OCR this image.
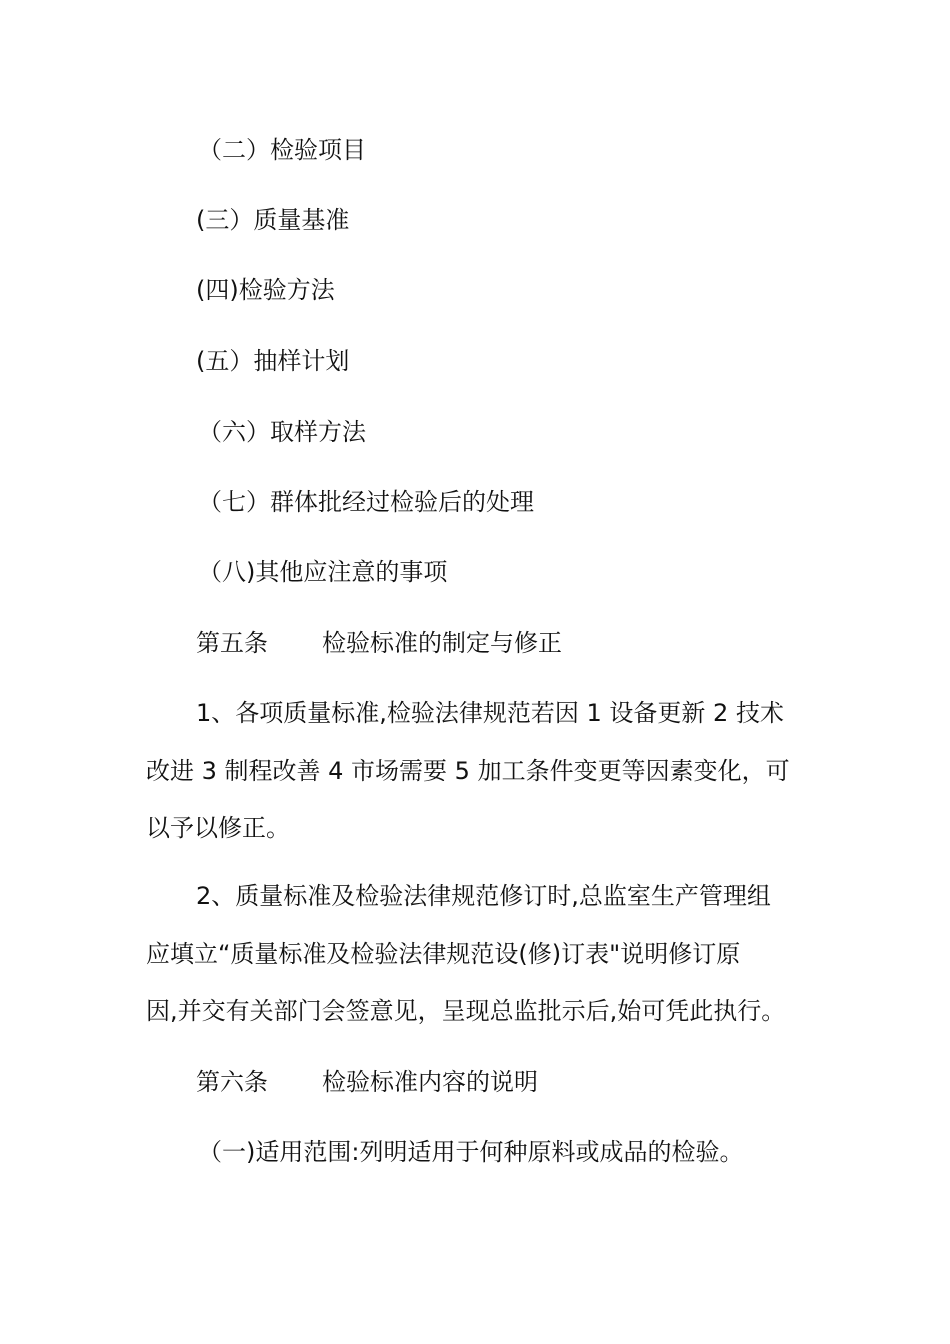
（二）检验项目
(三）质量基准
(四)检验方法
(五）抽样计划
（六）取样方法
（七）群体批经过检验后的处理
（八)其他应注意的事项
第五条 检验标准的制定与修正
1、各项质量标准,检验法律规范若因 1 设备更新 2 技术
改进 3 制程改善 4 市场需要 5 加工条件变更等因素变化，可
以予以修正。
2、质量标准及检验法律规范修订时,总监室生产管理组
应填立“质量标准及检验法律规范设(修)订表"说明修订原
因,并交有关部门会签意见，呈现总监批示后,始可凭此执行。
第六条 检验标准内容的说明
（一)适用范围:列明适用于何种原料或成品的检验。
